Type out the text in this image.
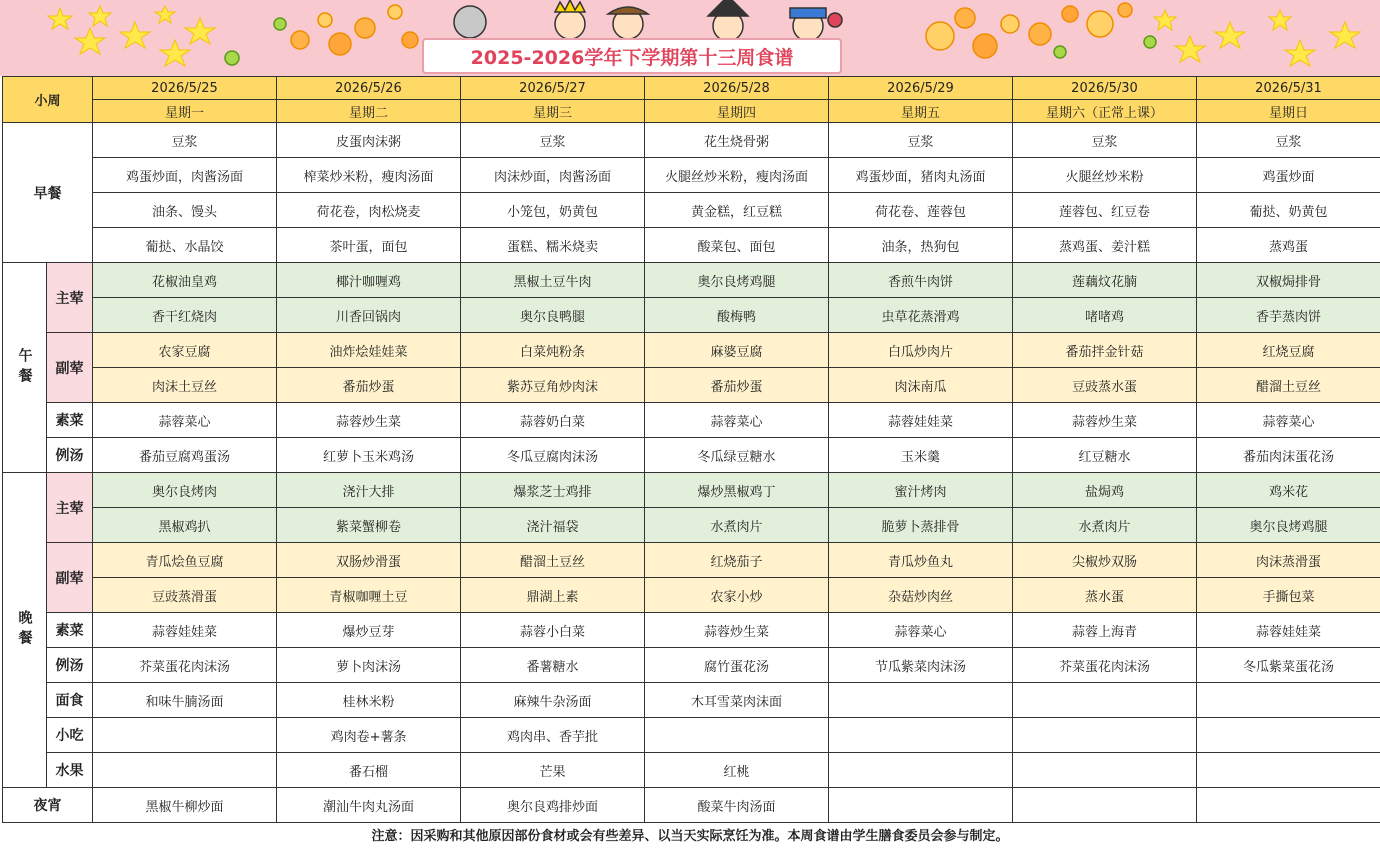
2025-2026学年下学期第十三周食谱
小周		2026/5/25	2026/5/26	2026/5/27	2026/5/28	2026/5/29	2026/5/30	2026/5/31
		星期一	星期二	星期三	星期四	星期五	星期六（正常上课）	星期日
早餐		豆浆	皮蛋肉沫粥	豆浆	花生烧骨粥	豆浆	豆浆	豆浆
		鸡蛋炒面，肉酱汤面	榨菜炒米粉，瘦肉汤面	肉沫炒面，肉酱汤面	火腿丝炒米粉，瘦肉汤面	鸡蛋炒面，猪肉丸汤面	火腿丝炒米粉	鸡蛋炒面
		油条、馒头	荷花卷，肉松烧麦	小笼包，奶黄包	黄金糕，红豆糕	荷花卷、莲蓉包	莲蓉包、红豆卷	葡挞、奶黄包
		葡挞、水晶饺	茶叶蛋，面包	蛋糕、糯米烧卖	酸菜包、面包	油条，热狗包	蒸鸡蛋、姜汁糕	蒸鸡蛋
午餐	主荤	花椒油皇鸡	椰汁咖喱鸡	黑椒土豆牛肉	奥尔良烤鸡腿	香煎牛肉饼	莲藕炆花腩	双椒焗排骨
		香干红烧肉	川香回锅肉	奥尔良鸭腿	酸梅鸭	虫草花蒸滑鸡	啫啫鸡	香芋蒸肉饼
	副荤	农家豆腐	油炸烩娃娃菜	白菜炖粉条	麻婆豆腐	白瓜炒肉片	番茄拌金针菇	红烧豆腐
		肉沫土豆丝	番茄炒蛋	紫苏豆角炒肉沫	番茄炒蛋	肉沫南瓜	豆豉蒸水蛋	醋溜土豆丝
	素菜	蒜蓉菜心	蒜蓉炒生菜	蒜蓉奶白菜	蒜蓉菜心	蒜蓉娃娃菜	蒜蓉炒生菜	蒜蓉菜心
	例汤	番茄豆腐鸡蛋汤	红萝卜玉米鸡汤	冬瓜豆腐肉沫汤	冬瓜绿豆糖水	玉米羹	红豆糖水	番茄肉沫蛋花汤
晚餐	主荤	奥尔良烤肉	浇汁大排	爆浆芝士鸡排	爆炒黑椒鸡丁	蜜汁烤肉	盐焗鸡	鸡米花
		黑椒鸡扒	紫菜蟹柳卷	浇汁福袋	水煮肉片	脆萝卜蒸排骨	水煮肉片	奥尔良烤鸡腿
	副荤	青瓜烩鱼豆腐	双肠炒滑蛋	醋溜土豆丝	红烧茄子	青瓜炒鱼丸	尖椒炒双肠	肉沫蒸滑蛋
		豆豉蒸滑蛋	青椒咖喱土豆	鼎湖上素	农家小炒	杂菇炒肉丝	蒸水蛋	手撕包菜
	素菜	蒜蓉娃娃菜	爆炒豆芽	蒜蓉小白菜	蒜蓉炒生菜	蒜蓉菜心	蒜蓉上海青	蒜蓉娃娃菜
	例汤	芥菜蛋花肉沫汤	萝卜肉沫汤	番薯糖水	腐竹蛋花汤	节瓜紫菜肉沫汤	芥菜蛋花肉沫汤	冬瓜紫菜蛋花汤
	面食	和味牛腩汤面	桂林米粉	麻辣牛杂汤面	木耳雪菜肉沫面			
	小吃		鸡肉卷+薯条	鸡肉串、香芋批				
	水果		番石榴	芒果	红桃			
夜宵		黑椒牛柳炒面	潮汕牛肉丸汤面	奥尔良鸡排炒面	酸菜牛肉汤面			
注意：因采购和其他原因部份食材或会有些差异、以当天实际烹饪为准。本周食谱由学生膳食委员会参与制定。
